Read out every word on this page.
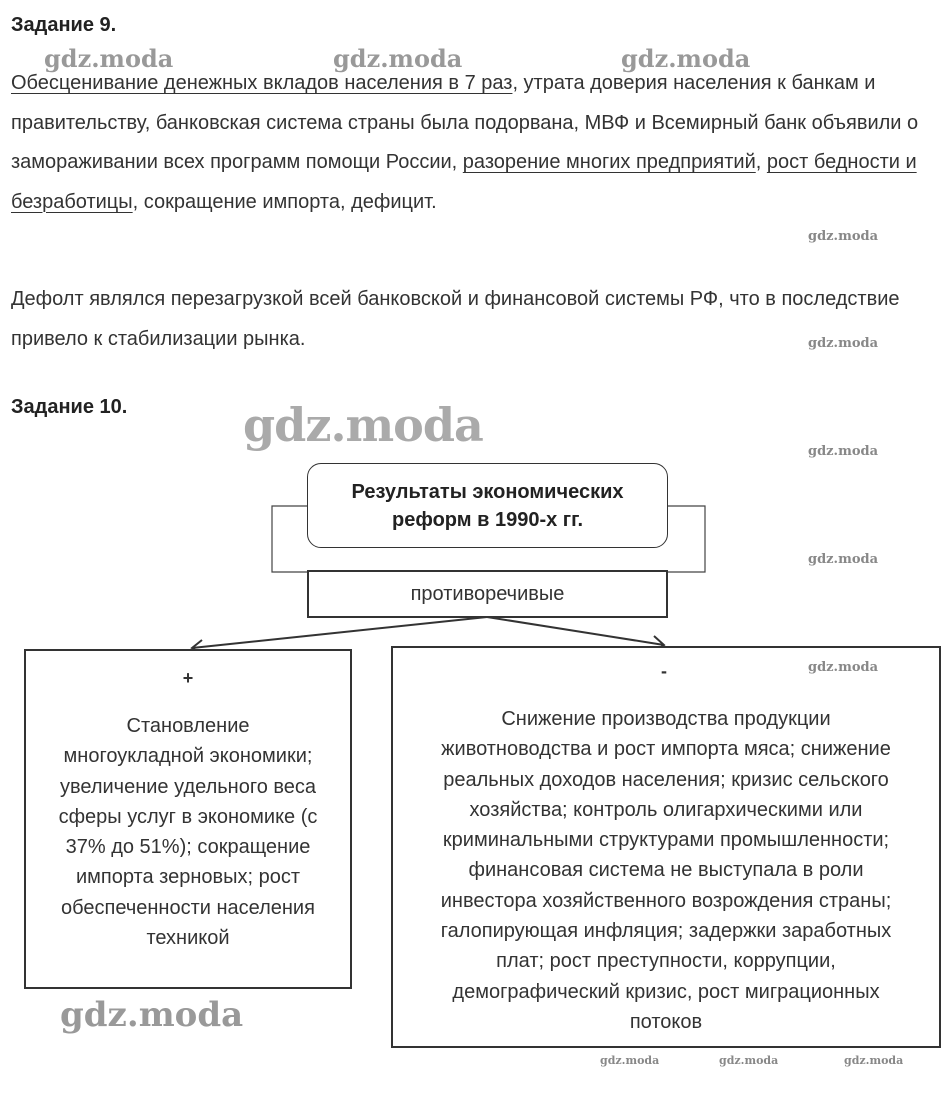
Задание 9.
gdz.moda	gdz.moda	gdz.moda
Обесценивание денежных вкладов населения в 7 раз, утрата доверия населения к банкам и правительству, банковская система страны была подорвана, МВФ и Всемирный банк объявили о замораживании всех программ помощи России, разорение многих предприятий, рост бедности и безработицы, сокращение импорта, дефицит.
Дефолт являлся перезагрузкой всей банковской и финансовой системы РФ, что в последствие привело к стабилизации рынка.
gdz.moda
gdz.moda
gdz.moda
gdz.moda
gdz.moda
Задание 10.	gdz.moda
Результаты экономических
реформ в 1990-х гг.
противоречивые
+
Становление
многоукладной экономики;
увеличение удельного веса
сферы услуг в экономике (с
37% до 51%); сокращение
импорта зерновых; рост
обеспеченности населения
техникой
-
Снижение производства продукции
животноводства и рост импорта мяса; снижение
реальных доходов населения; кризис сельского
хозяйства; контроль олигархическими или
криминальными структурами промышленности;
финансовая система не выступала в роли
инвестора хозяйственного возрождения страны;
галопирующая инфляция; задержки заработных
плат; рост преступности, коррупции,
демографический кризис, рост миграционных
потоков
gdz.moda
gdz.moda	gdz.moda	gdz.moda
